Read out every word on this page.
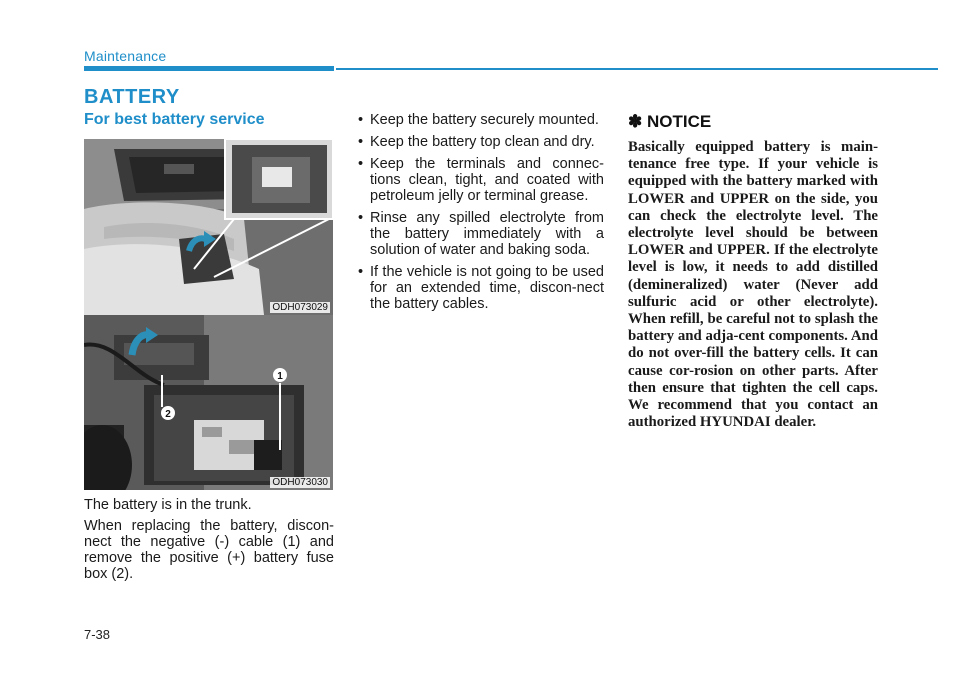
Maintenance
BATTERY
For best battery service
ODH073029
2
1
ODH073030
The battery is in the trunk.
When replacing the battery, discon-nect the negative (-) cable (1) and remove the positive (+) battery fuse box (2).
• Keep the battery securely mounted.
• Keep the battery top clean and dry.
• Keep the terminals and connec-tions clean, tight, and coated with petroleum jelly or terminal grease.
• Rinse any spilled electrolyte from the battery immediately with a solution of water and baking soda.
• If the vehicle is not going to be used for an extended time, discon-nect the battery cables.
✽ NOTICE
Basically equipped battery is main-tenance free type. If your vehicle is equipped with the battery marked with LOWER and UPPER on the side, you can check the electrolyte level. The electrolyte level should be between LOWER and UPPER. If the electrolyte level is low, it needs to add distilled (demineralized) water (Never add sulfuric acid or other electrolyte). When refill, be careful not to splash the battery and adja-cent components. And do not over-fill the battery cells. It can cause cor-rosion on other parts. After then ensure that tighten the cell caps. We recommend that you contact an authorized HYUNDAI dealer.
7-38
